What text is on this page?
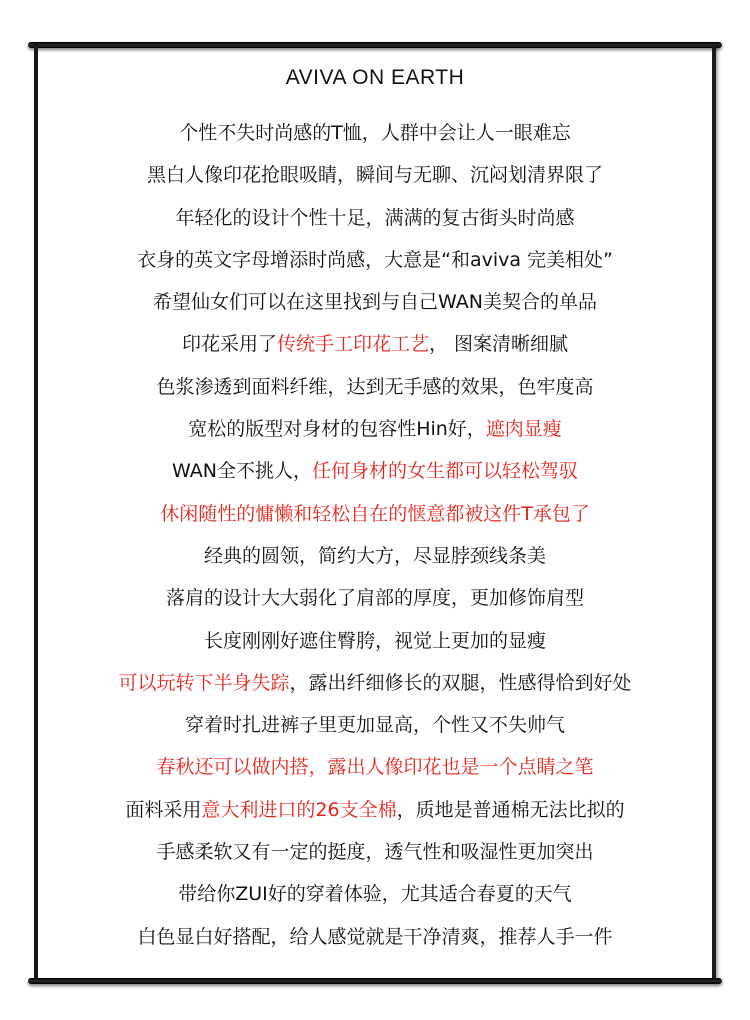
AVIVA ON EARTH
个性不失时尚感的T恤，人群中会让人一眼难忘
黑白人像印花抢眼吸睛，瞬间与无聊、沉闷划清界限了
年轻化的设计个性十足，满满的复古街头时尚感
衣身的英文字母增添时尚感，大意是“和aviva 完美相处”
希望仙女们可以在这里找到与自己WAN美契合的单品
印花采用了传统手工印花工艺， 图案清晰细腻
色浆渗透到面料纤维，达到无手感的效果，色牢度高
宽松的版型对身材的包容性Hin好，遮肉显瘦
WAN全不挑人，任何身材的女生都可以轻松驾驭
休闲随性的慵懒和轻松自在的惬意都被这件T承包了
经典的圆领，简约大方，尽显脖颈线条美
落肩的设计大大弱化了肩部的厚度，更加修饰肩型
长度刚刚好遮住臀胯，视觉上更加的显瘦
可以玩转下半身失踪，露出纤细修长的双腿，性感得恰到好处
穿着时扎进裤子里更加显高，个性又不失帅气
春秋还可以做内搭，露出人像印花也是一个点睛之笔
面料采用意大利进口的26支全棉，质地是普通棉无法比拟的
手感柔软又有一定的挺度，透气性和吸湿性更加突出
带给你ZUI好的穿着体验，尤其适合春夏的天气
白色显白好搭配，给人感觉就是干净清爽，推荐人手一件
